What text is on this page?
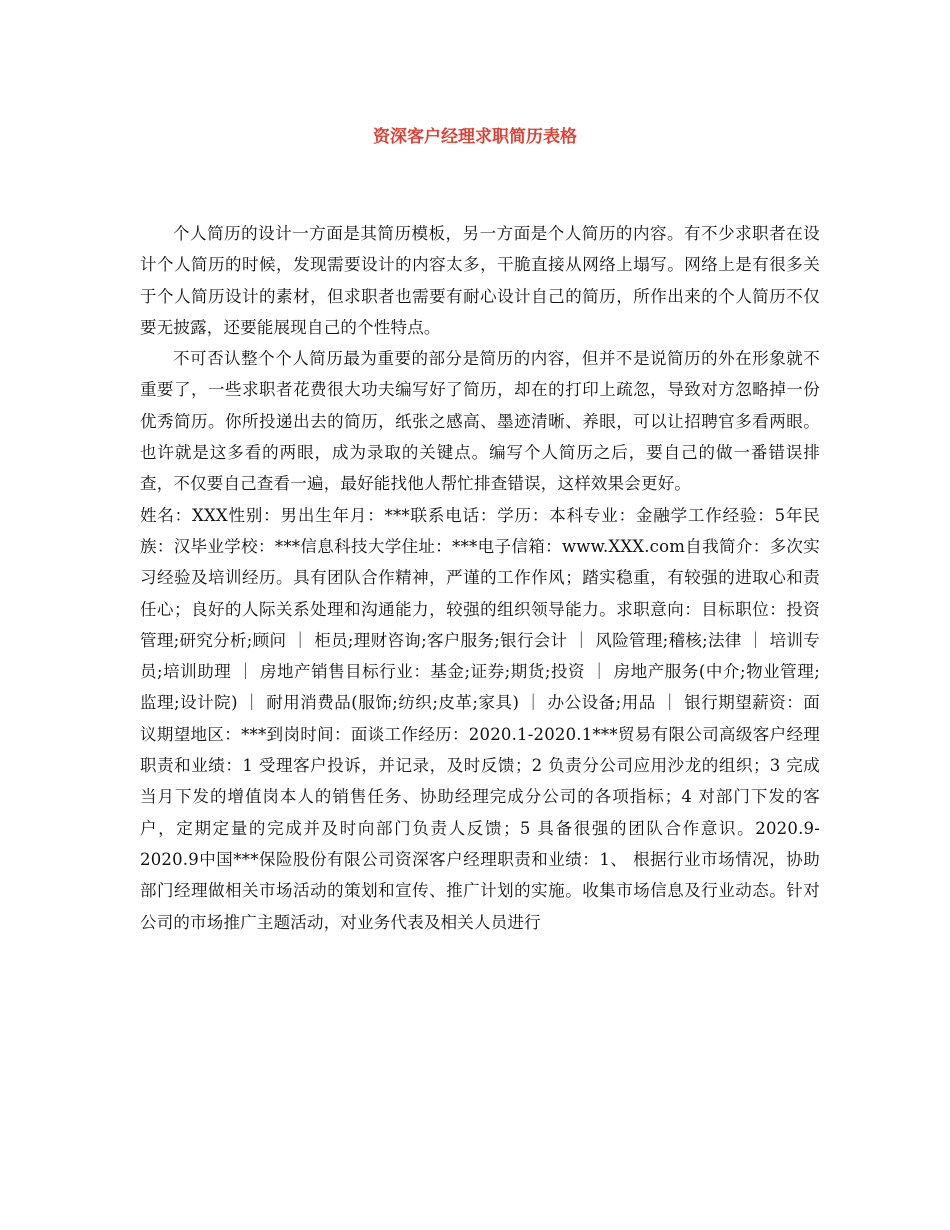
资深客户经理求职简历表格

个人简历的设计一方面是其简历模板，另一方面是个人简历的内容。有不少求职者在设计个人简历的时候，发现需要设计的内容太多，干脆直接从网络上塌写。网络上是有很多关于个人简历设计的素材，但求职者也需要有耐心设计自己的简历，所作出来的个人简历不仅要无披露，还要能展现自己的个性特点。

不可否认整个个人简历最为重要的部分是简历的内容，但并不是说简历的外在形象就不重要了，一些求职者花费很大功夫编写好了简历，却在的打印上疏忽，导致对方忽略掉一份优秀简历。你所投递出去的简历，纸张之感高、墨迹清晰、养眼，可以让招聘官多看两眼。也许就是这多看的两眼，成为录取的关键点。编写个人简历之后，要自己的做一番错误排查，不仅要自己查看一遍，最好能找他人帮忙排查错误，这样效果会更好。

姓名：XXX性别：男出生年月：***联系电话：学历：本科专业：金融学工作经验：5年民族：汉毕业学校：***信息科技大学住址：***电子信箱：www.XXX.com自我简介：多次实习经验及培训经历。具有团队合作精神，严谨的工作作风；踏实稳重，有较强的进取心和责任心；良好的人际关系处理和沟通能力，较强的组织领导能力。求职意向：目标职位：投资管理;研究分析;顾问 ｜ 柜员;理财咨询;客户服务;银行会计 ｜ 风险管理;稽核;法律 ｜ 培训专员;培训助理 ｜ 房地产销售目标行业：基金;证券;期货;投资 ｜ 房地产服务(中介;物业管理;监理;设计院) ｜ 耐用消费品(服饰;纺织;皮革;家具) ｜ 办公设备;用品 ｜ 银行期望薪资：面议期望地区：***到岗时间：面谈工作经历：2020.1-2020.1***贸易有限公司高级客户经理 职责和业绩：1 受理客户投诉，并记录，及时反馈；2 负责分公司应用沙龙的组织；3 完成当月下发的增值岗本人的销售任务、协助经理完成分公司的各项指标；4 对部门下发的客户，定期定量的完成并及时向部门负责人反馈；5 具备很强的团队合作意识。2020.9-2020.9中国***保险股份有限公司资深客户经理职责和业绩：1、 根据行业市场情况，协助部门经理做相关市场活动的策划和宣传、推广计划的实施。收集市场信息及行业动态。针对公司的市场推广主题活动，对业务代表及相关人员进行
